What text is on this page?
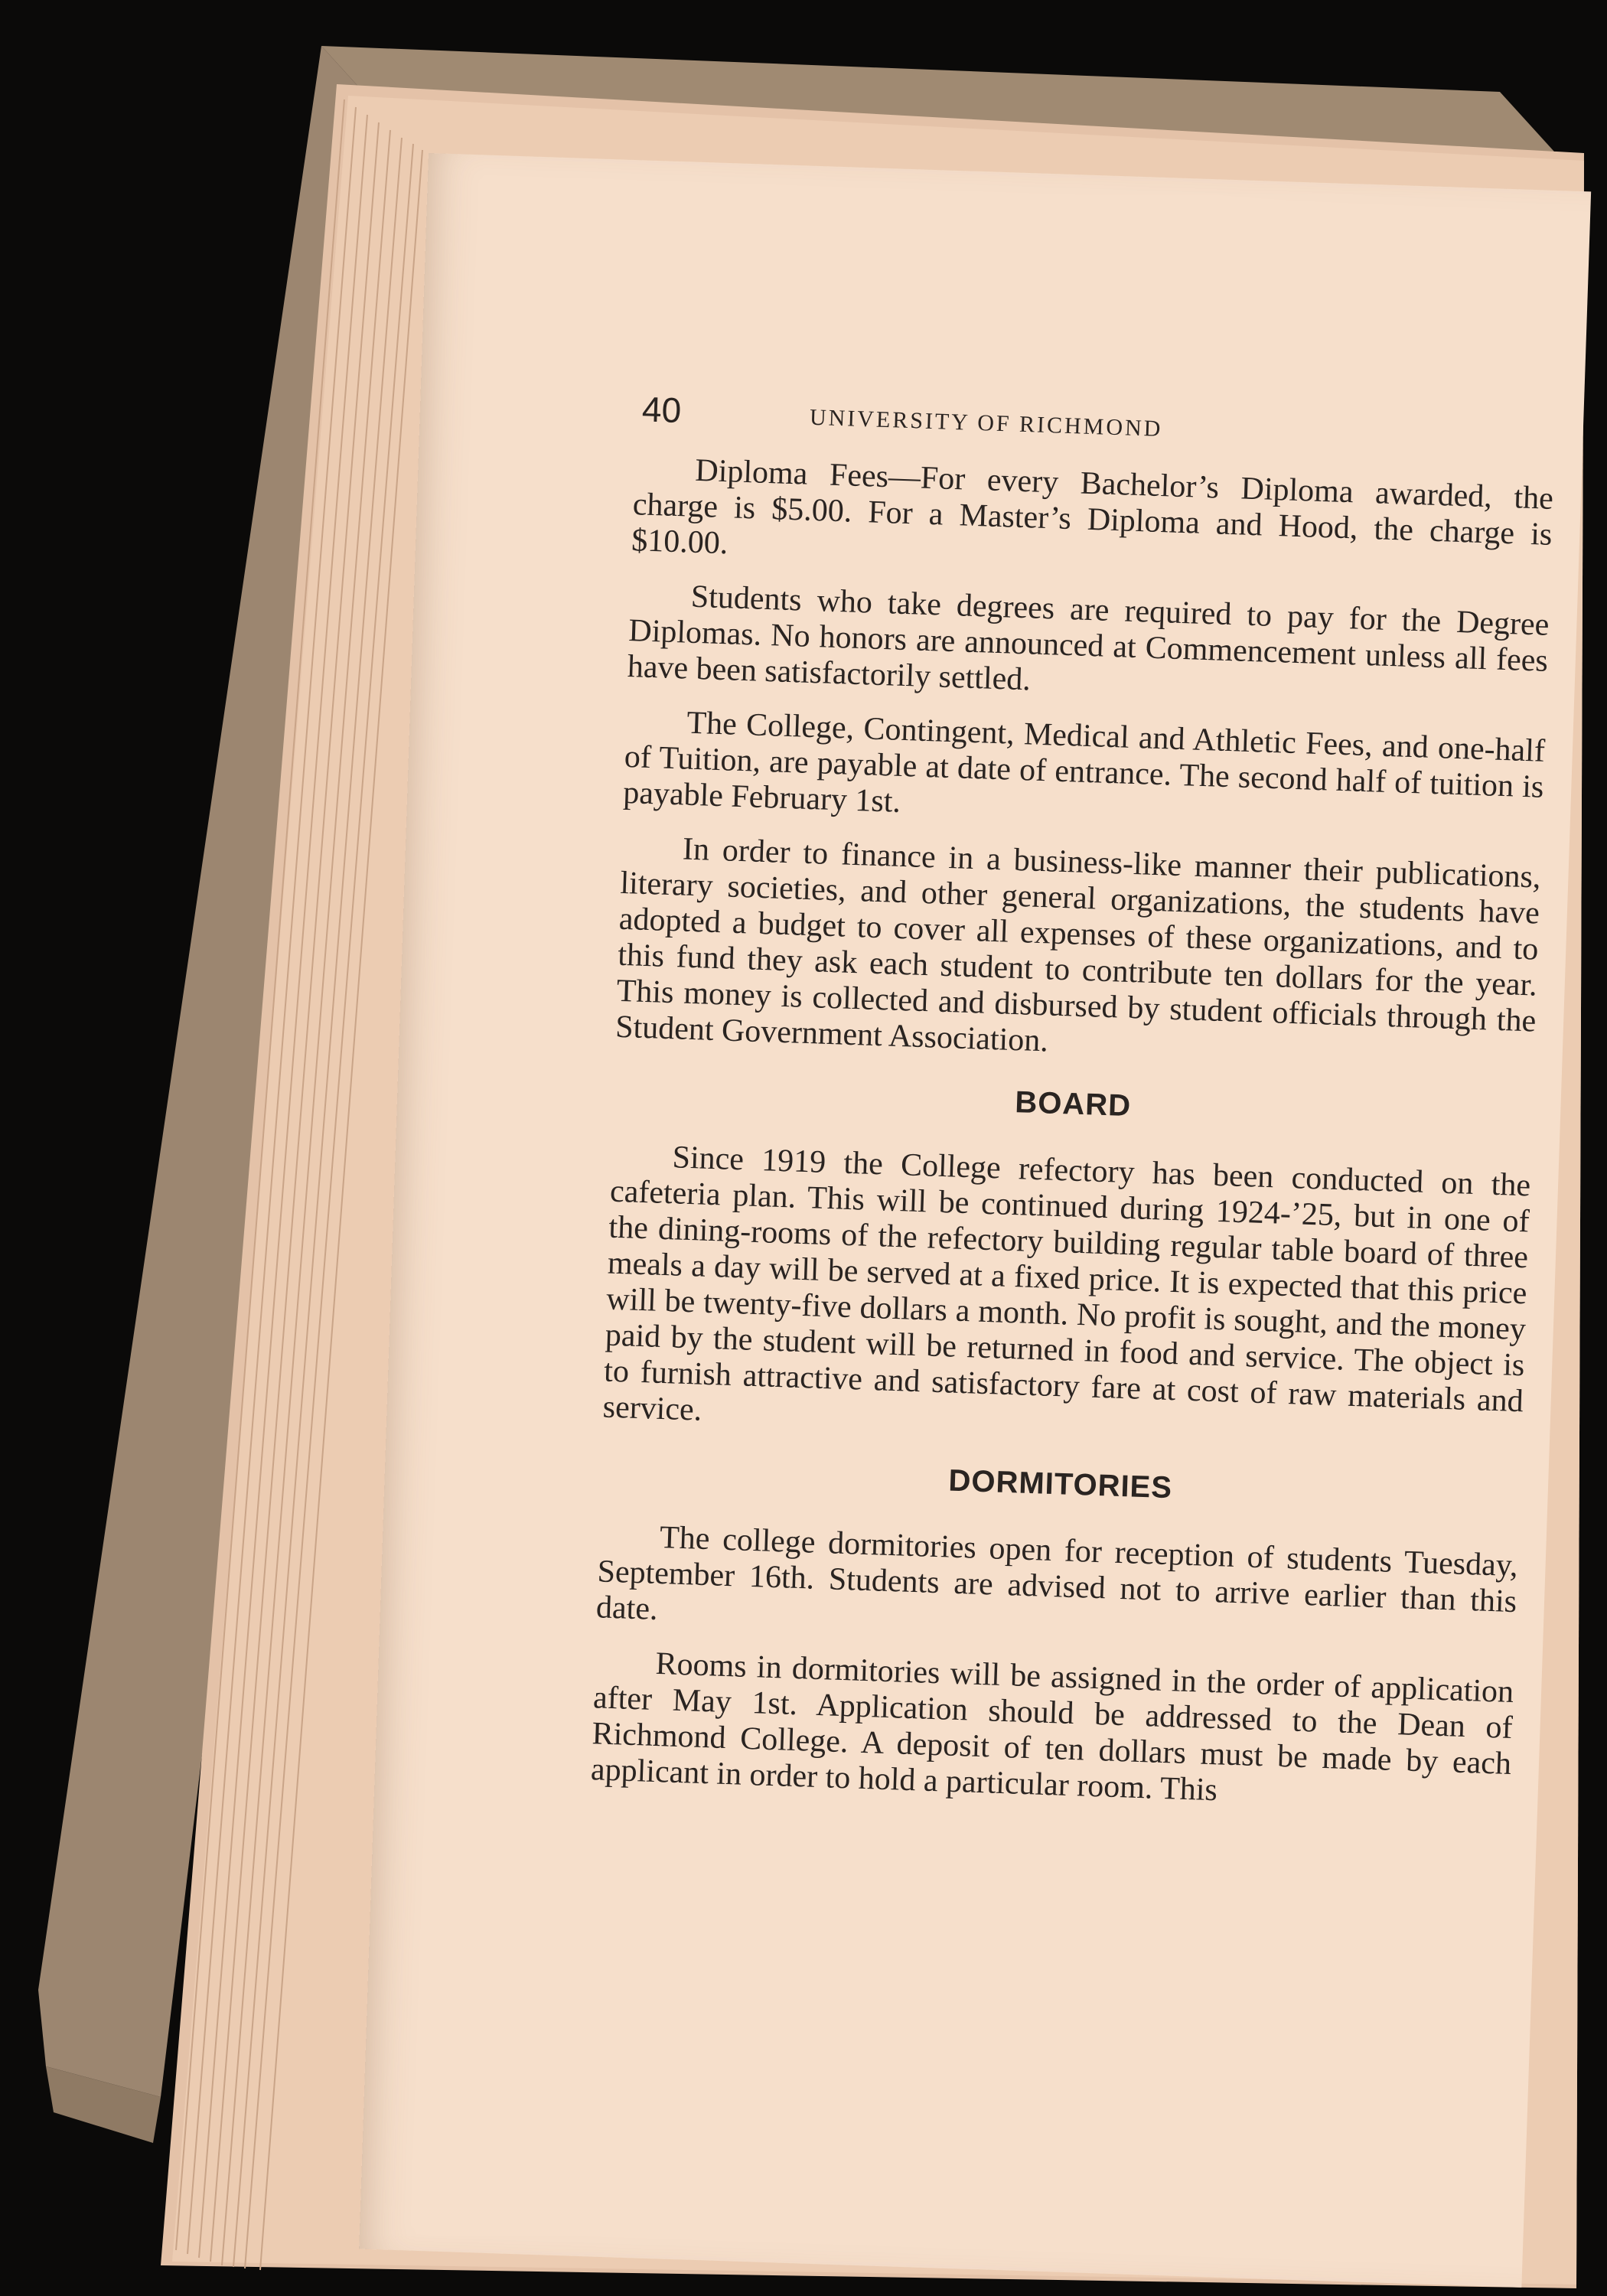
40	UNIVERSITY OF RICHMOND

Diploma Fees—For every Bachelor’s Diploma awarded, the charge is $5.00. For a Master’s Diploma and Hood, the charge is $10.00.

Students who take degrees are required to pay for the Degree Diplomas. No honors are announced at Commencement unless all fees have been satisfactorily settled.

The College, Contingent, Medical and Athletic Fees, and one-half of Tuition, are payable at date of entrance. The second half of tuition is payable February 1st.

In order to finance in a business-like manner their publications, literary societies, and other general organizations, the students have adopted a budget to cover all expenses of these organizations, and to this fund they ask each student to contribute ten dollars for the year. This money is collected and disbursed by student officials through the Student Government Association.

BOARD

Since 1919 the College refectory has been conducted on the cafeteria plan. This will be continued during 1924-’25, but in one of the dining-rooms of the refectory building regular table board of three meals a day will be served at a fixed price. It is expected that this price will be twenty-five dollars a month. No profit is sought, and the money paid by the student will be returned in food and service. The object is to furnish attractive and satisfactory fare at cost of raw materials and service.

DORMITORIES

The college dormitories open for reception of students Tuesday, September 16th. Students are advised not to arrive earlier than this date.

Rooms in dormitories will be assigned in the order of application after May 1st. Application should be addressed to the Dean of Richmond College. A deposit of ten dollars must be made by each applicant in order to hold a particular room. This
